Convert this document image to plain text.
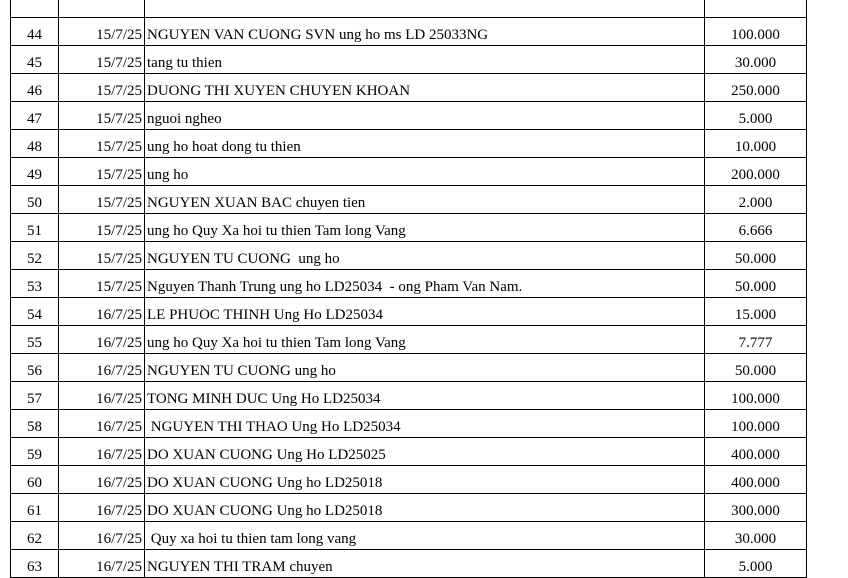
44	15/7/25	NGUYEN VAN CUONG SVN ung ho ms LD 25033NG	100.000
45	15/7/25	tang tu thien	30.000
46	15/7/25	DUONG THI XUYEN CHUYEN KHOAN	250.000
47	15/7/25	nguoi ngheo	5.000
48	15/7/25	ung ho hoat dong tu thien	10.000
49	15/7/25	ung ho	200.000
50	15/7/25	NGUYEN XUAN BAC chuyen tien	2.000
51	15/7/25	ung ho Quy Xa hoi tu thien Tam long Vang	6.666
52	15/7/25	NGUYEN TU CUONG  ung ho	50.000
53	15/7/25	Nguyen Thanh Trung ung ho LD25034  - ong Pham Van Nam.	50.000
54	16/7/25	LE PHUOC THINH Ung Ho LD25034	15.000
55	16/7/25	ung ho Quy Xa hoi tu thien Tam long Vang	7.777
56	16/7/25	NGUYEN TU CUONG ung ho	50.000
57	16/7/25	TONG MINH DUC Ung Ho LD25034	100.000
58	16/7/25	NGUYEN THI THAO Ung Ho LD25034	100.000
59	16/7/25	DO XUAN CUONG Ung Ho LD25025	400.000
60	16/7/25	DO XUAN CUONG Ung ho LD25018	400.000
61	16/7/25	DO XUAN CUONG Ung ho LD25018	300.000
62	16/7/25	Quy xa hoi tu thien tam long vang	30.000
63	16/7/25	NGUYEN THI TRAM chuyen	5.000
